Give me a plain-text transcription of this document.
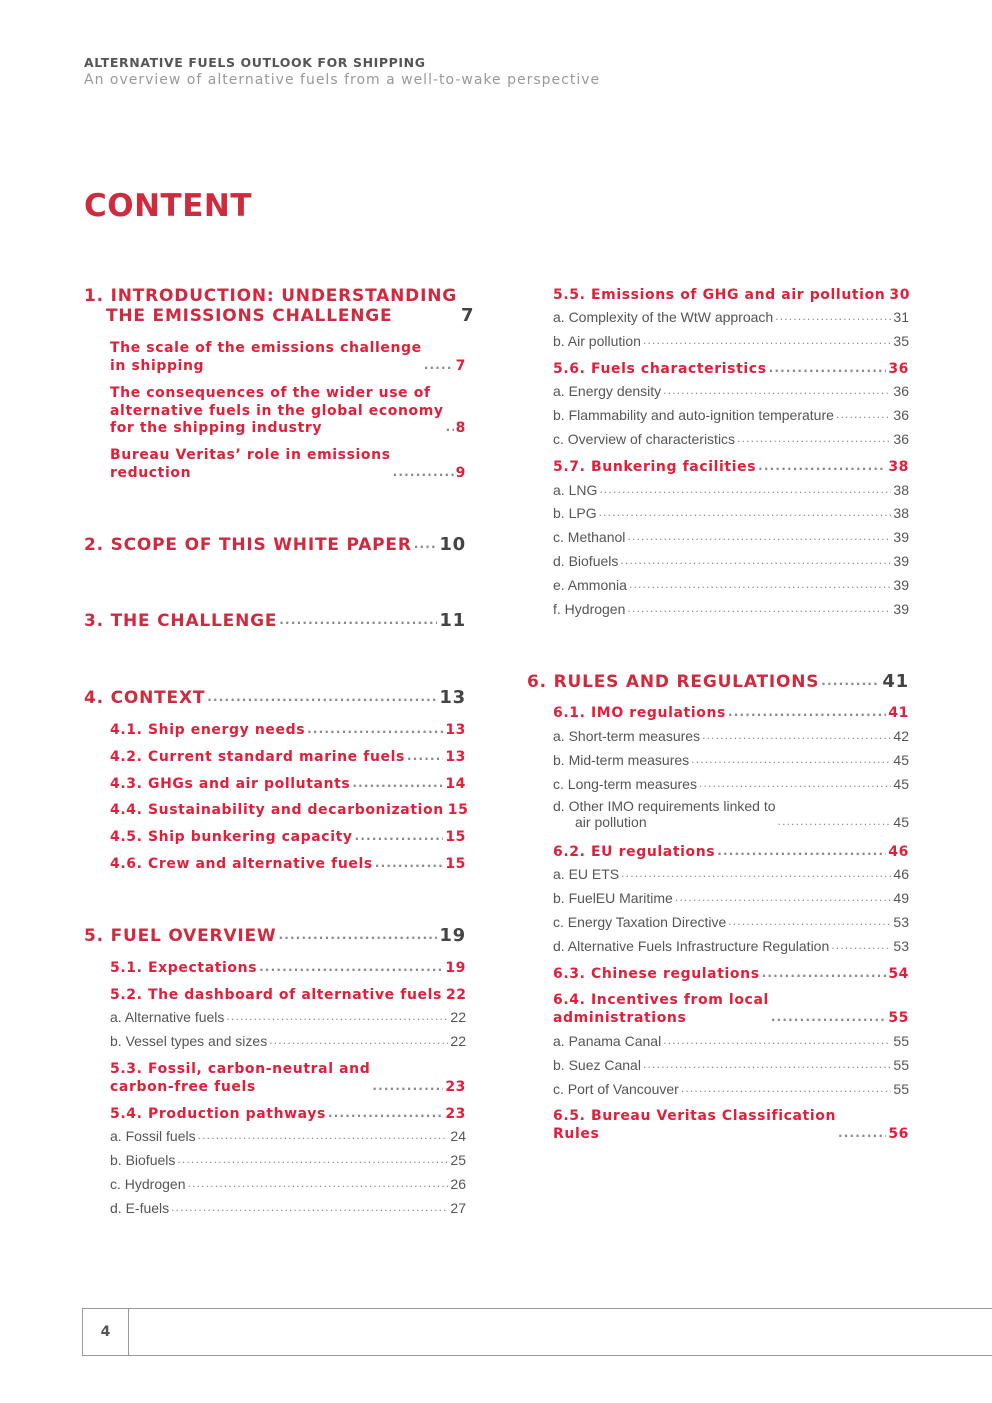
ALTERNATIVE FUELS OUTLOOK FOR SHIPPING
An overview of alternative fuels from a well-to-wake perspective
CONTENT
1. INTRODUCTION: UNDERSTANDING
THE EMISSIONS CHALLENGE	7
The scale of the emissions challenge
in shipping .....	7
The consequences of the wider use of
alternative fuels in the global economy
for the shipping industry .....	8
Bureau Veritas’ role in emissions
reduction .....	9
2. SCOPE OF THIS WHITE PAPER ..... 10
3. THE CHALLENGE .....	11
4. CONTEXT .....	13
4.1. Ship energy needs .....	13
4.2. Current standard marine fuels .....	13
4.3. GHGs and air pollutants .....	14
4.4. Sustainability and decarbonization 15
4.5. Ship bunkering capacity .....	15
4.6. Crew and alternative fuels .....	15
5. FUEL OVERVIEW .....	19
5.1. Expectations .....	19
5.2. The dashboard of alternative fuels 22
a. Alternative fuels .....	22
b. Vessel types and sizes .....	22
5.3. Fossil, carbon-neutral and
carbon-free fuels .....	23
5.4. Production pathways .....	23
a. Fossil fuels .....	24
b. Biofuels .....	25
c. Hydrogen .....	26
d. E-fuels .....	27
5.5. Emissions of GHG and air pollution 30
a. Complexity of the WtW approach .....	31
b. Air pollution .....	35
5.6. Fuels characteristics .....	36
a. Energy density .....	36
b. Flammability and auto-ignition temperature .....	36
c. Overview of characteristics .....	36
5.7. Bunkering facilities .....	38
a. LNG .....	38
b. LPG .....	38
c. Methanol .....	39
d. Biofuels .....	39
e. Ammonia .....	39
f. Hydrogen .....	39
6. RULES AND REGULATIONS .....	41
6.1. IMO regulations .....	41
a. Short-term measures .....	42
b. Mid-term measures .....	45
c. Long-term measures .....	45
d. Other IMO requirements linked to
air pollution .....	45
6.2. EU regulations .....	46
a. EU ETS .....	46
b. FuelEU Maritime .....	49
c. Energy Taxation Directive .....	53
d. Alternative Fuels Infrastructure Regulation .....	53
6.3. Chinese regulations .....	54
6.4. Incentives from local
administrations .....	55
a. Panama Canal .....	55
b. Suez Canal .....	55
c. Port of Vancouver .....	55
6.5. Bureau Veritas Classification
Rules .....	56
4
